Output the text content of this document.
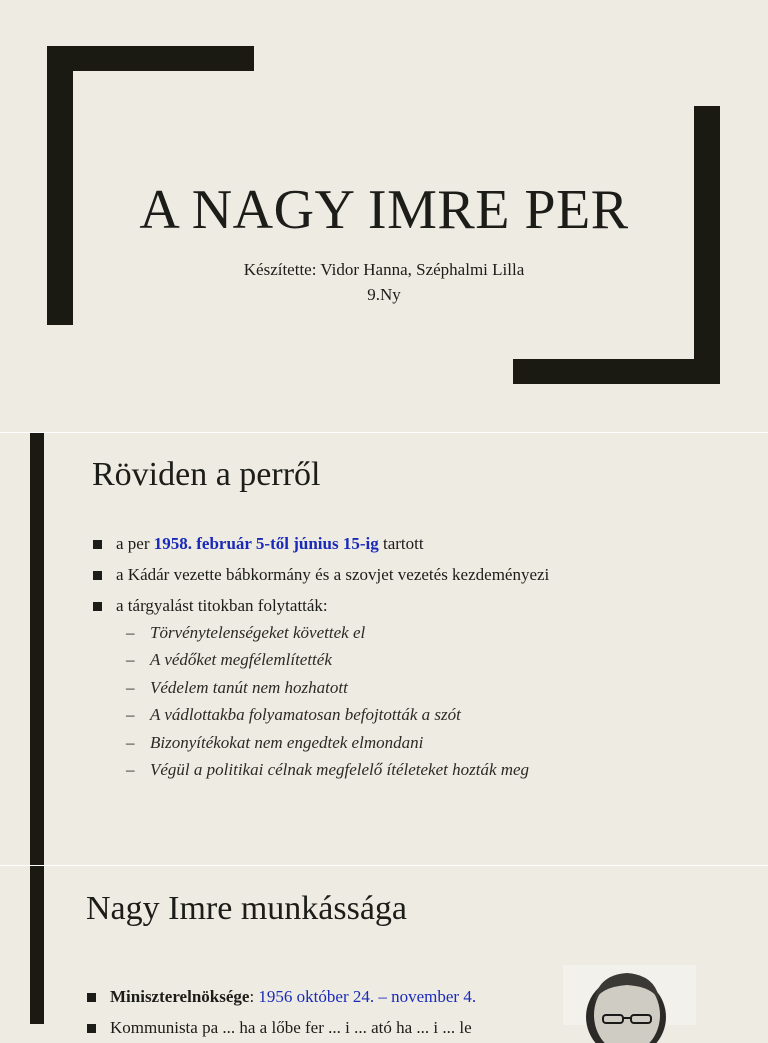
A NAGY IMRE PER
Készítette: Vidor Hanna, Széphalmi Lilla
9.Ny
Röviden a perről
a per 1958. február 5-től június 15-ig tartott
a Kádár vezette bábkormány és a szovjet vezetés kezdeményezi
a tárgyalást titokban folytatták:
– Törvénytelenségeket követtek el
– A védőket megfélemlítették
– Védelem tanút nem hozhatott
– A vádlottakba folyamatosan befojtották a szót
– Bizonyítékokat nem engedtek elmondani
– Végül a politikai célnak megfelelő ítéleteket hozták meg
Nagy Imre munkássága
Miniszterelnöksége: 1956 október 24. – november 4.
Kommunista pa ... ha a lőbe fer ... i ... ató ha ... i ... le
